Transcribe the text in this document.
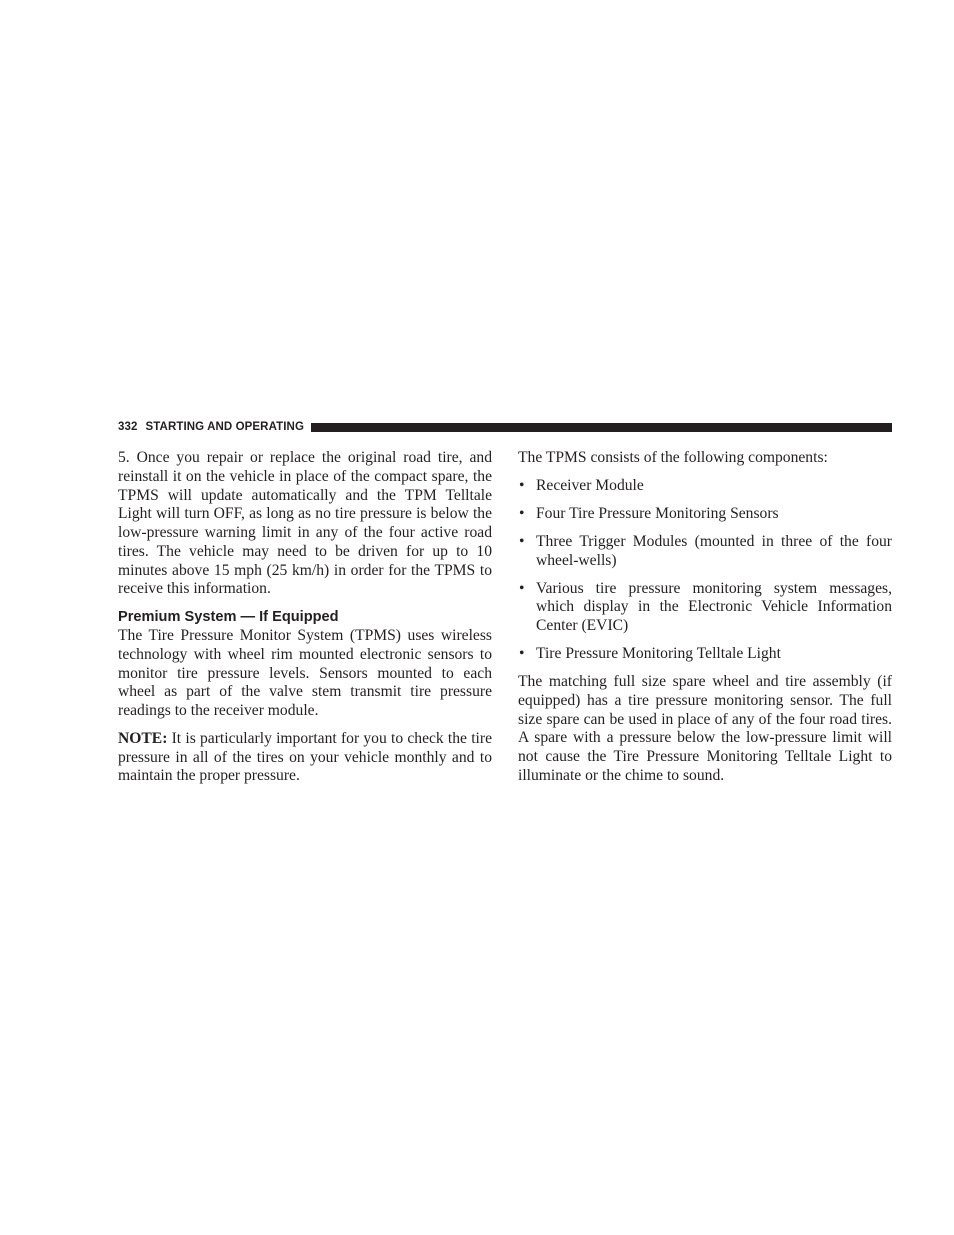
332 STARTING AND OPERATING

5. Once you repair or replace the original road tire, and reinstall it on the vehicle in place of the compact spare, the TPMS will update automatically and the TPM Telltale Light will turn OFF, as long as no tire pressure is below the low-pressure warning limit in any of the four active road tires. The vehicle may need to be driven for up to 10 minutes above 15 mph (25 km/h) in order for the TPMS to receive this information.

Premium System — If Equipped

The Tire Pressure Monitor System (TPMS) uses wireless technology with wheel rim mounted electronic sensors to monitor tire pressure levels. Sensors mounted to each wheel as part of the valve stem transmit tire pressure readings to the receiver module.

NOTE: It is particularly important for you to check the tire pressure in all of the tires on your vehicle monthly and to maintain the proper pressure.

The TPMS consists of the following components:

• Receiver Module
• Four Tire Pressure Monitoring Sensors
• Three Trigger Modules (mounted in three of the four wheel-wells)
• Various tire pressure monitoring system messages, which display in the Electronic Vehicle Information Center (EVIC)
• Tire Pressure Monitoring Telltale Light

The matching full size spare wheel and tire assembly (if equipped) has a tire pressure monitoring sensor. The full size spare can be used in place of any of the four road tires. A spare with a pressure below the low-pressure limit will not cause the Tire Pressure Monitoring Telltale Light to illuminate or the chime to sound.
